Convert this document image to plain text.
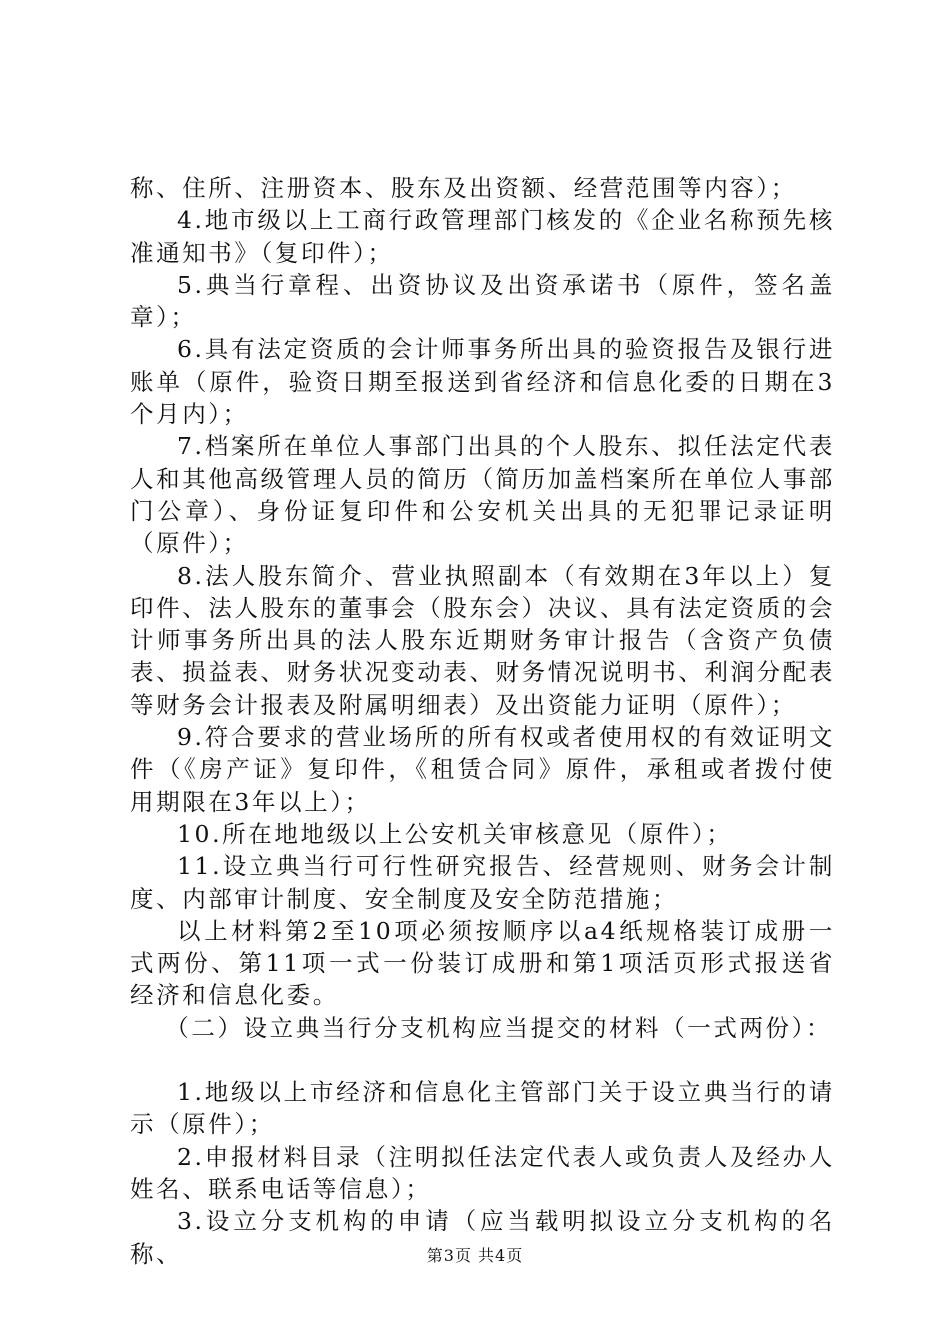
称、住所、注册资本、股东及出资额、经营范围等内容）；

4.地市级以上工商行政管理部门核发的《企业名称预先核准通知书》（复印件）；

5.典当行章程、出资协议及出资承诺书（原件，签名盖章）；

6.具有法定资质的会计师事务所出具的验资报告及银行进账单（原件，验资日期至报送到省经济和信息化委的日期在3个月内）；

7.档案所在单位人事部门出具的个人股东、拟任法定代表人和其他高级管理人员的简历（简历加盖档案所在单位人事部门公章）、身份证复印件和公安机关出具的无犯罪记录证明（原件）；

8.法人股东简介、营业执照副本（有效期在3年以上）复印件、法人股东的董事会（股东会）决议、具有法定资质的会计师事务所出具的法人股东近期财务审计报告（含资产负债表、损益表、财务状况变动表、财务情况说明书、利润分配表等财务会计报表及附属明细表）及出资能力证明（原件）；

9.符合要求的营业场所的所有权或者使用权的有效证明文件（《房产证》复印件，《租赁合同》原件，承租或者拨付使用期限在3年以上）；

10.所在地地级以上公安机关审核意见（原件）；

11.设立典当行可行性研究报告、经营规则、财务会计制度、内部审计制度、安全制度及安全防范措施；

以上材料第2至10项必须按顺序以a4纸规格装订成册一式两份、第11项一式一份装订成册和第1项活页形式报送省经济和信息化委。

（二）设立典当行分支机构应当提交的材料（一式两份）：

1.地级以上市经济和信息化主管部门关于设立典当行的请示（原件）；

2.申报材料目录（注明拟任法定代表人或负责人及经办人姓名、联系电话等信息）；

3.设立分支机构的申请（应当载明拟设立分支机构的名称、	第3页 共4页
